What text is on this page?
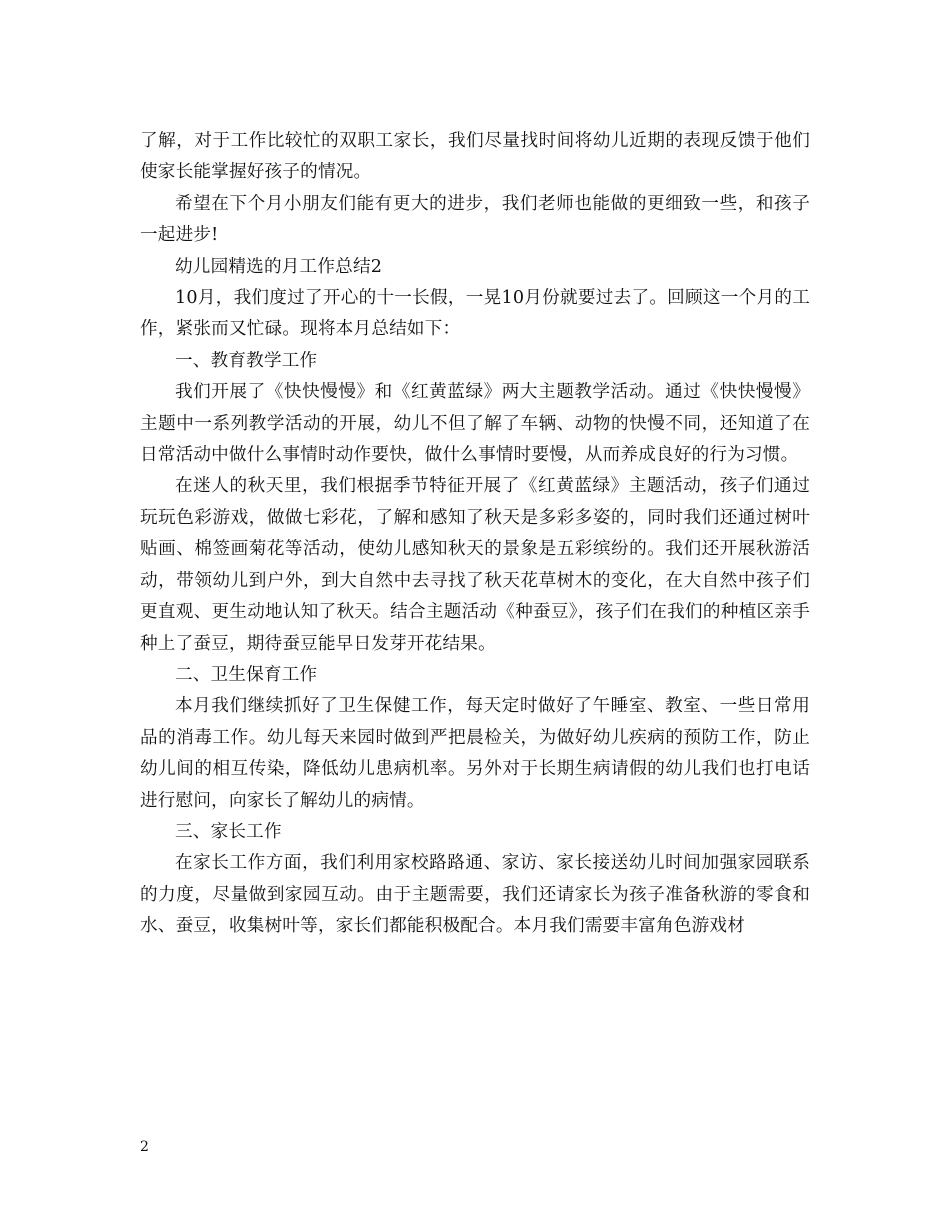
了解，对于工作比较忙的双职工家长，我们尽量找时间将幼儿近期的表现反馈于他们使家长能掌握好孩子的情况。

希望在下个月小朋友们能有更大的进步，我们老师也能做的更细致一些，和孩子一起进步!

幼儿园精选的月工作总结2

10月，我们度过了开心的十一长假，一晃10月份就要过去了。回顾这一个月的工作，紧张而又忙碌。现将本月总结如下：

一、教育教学工作

我们开展了《快快慢慢》和《红黄蓝绿》两大主题教学活动。通过《快快慢慢》主题中一系列教学活动的开展，幼儿不但了解了车辆、动物的快慢不同，还知道了在日常活动中做什么事情时动作要快，做什么事情时要慢，从而养成良好的行为习惯。

在迷人的秋天里，我们根据季节特征开展了《红黄蓝绿》主题活动，孩子们通过玩玩色彩游戏，做做七彩花，了解和感知了秋天是多彩多姿的，同时我们还通过树叶贴画、棉签画菊花等活动，使幼儿感知秋天的景象是五彩缤纷的。我们还开展秋游活动，带领幼儿到户外，到大自然中去寻找了秋天花草树木的变化，在大自然中孩子们更直观、更生动地认知了秋天。结合主题活动《种蚕豆》，孩子们在我们的种植区亲手种上了蚕豆，期待蚕豆能早日发芽开花结果。

二、卫生保育工作

本月我们继续抓好了卫生保健工作，每天定时做好了午睡室、教室、一些日常用品的消毒工作。幼儿每天来园时做到严把晨检关，为做好幼儿疾病的预防工作，防止幼儿间的相互传染，降低幼儿患病机率。另外对于长期生病请假的幼儿我们也打电话进行慰问，向家长了解幼儿的病情。

三、家长工作

在家长工作方面，我们利用家校路路通、家访、家长接送幼儿时间加强家园联系的力度，尽量做到家园互动。由于主题需要，我们还请家长为孩子准备秋游的零食和水、蚕豆，收集树叶等，家长们都能积极配合。本月我们需要丰富角色游戏材

2
